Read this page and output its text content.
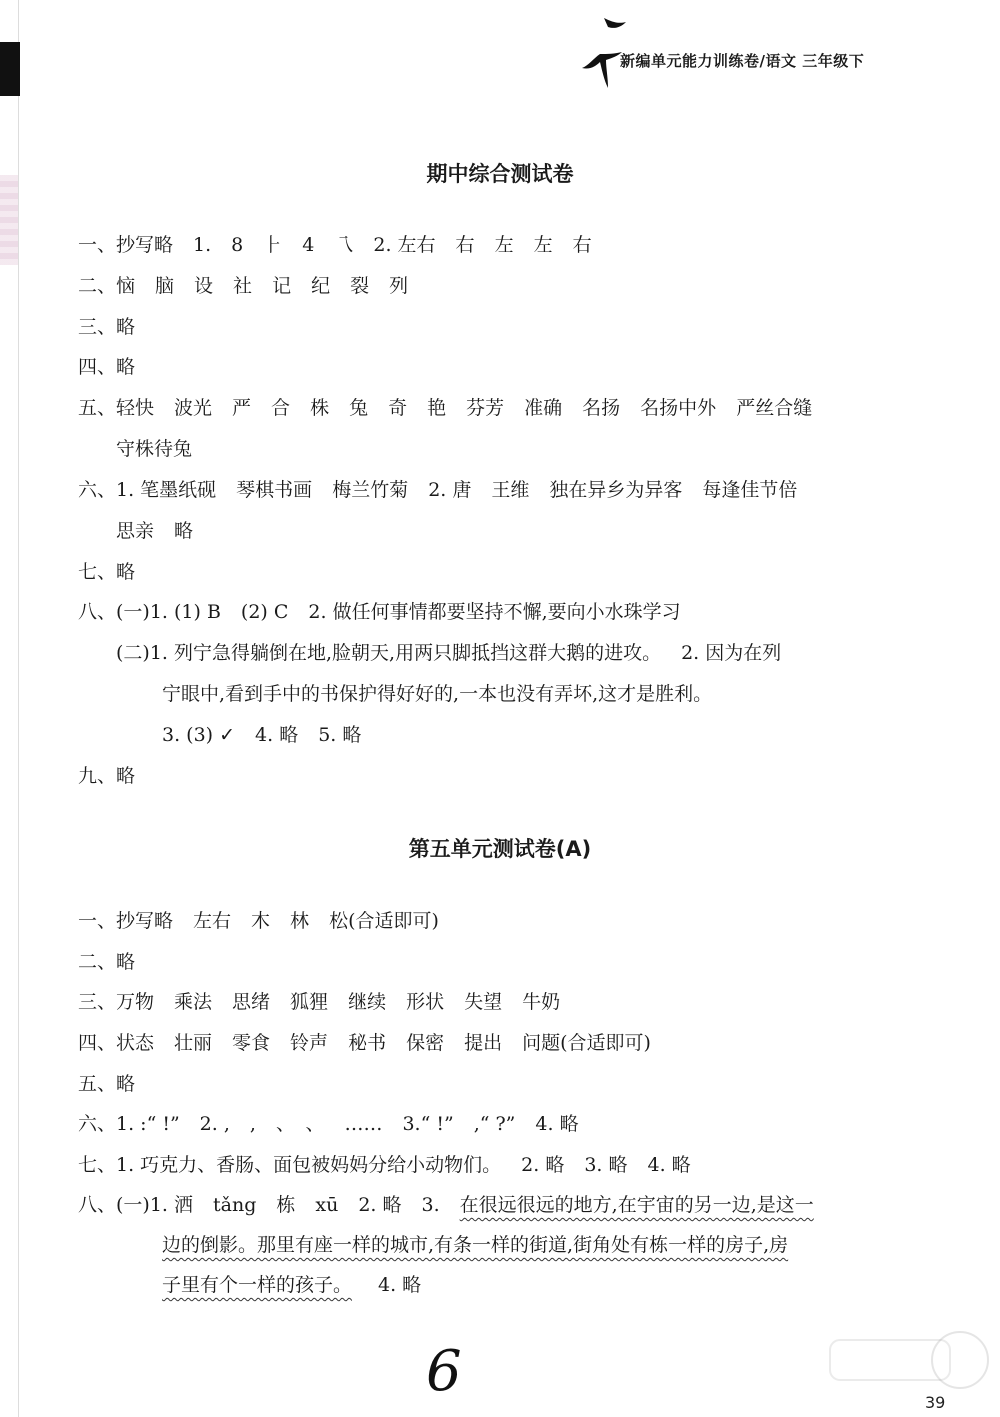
新编单元能力训练卷/语文 三年级下
期中综合测试卷
一、抄写略 1. 8 ⺊ 4 乁 2. 左右 右 左 左 右
二、恼 脑 设 社 记 纪 裂 列
三、略
四、略
五、轻快 波光 严 合 株 兔 奇 艳 芬芳 准确 名扬 名扬中外 严丝合缝
守株待兔
六、1. 笔墨纸砚 琴棋书画 梅兰竹菊 2. 唐 王维 独在异乡为异客 每逢佳节倍
思亲 略
七、略
八、(一)1. (1) B (2) C 2. 做任何事情都要坚持不懈,要向小水珠学习
(二)1. 列宁急得躺倒在地,脸朝天,用两只脚抵挡这群大鹅的进攻。 2. 因为在列
宁眼中,看到手中的书保护得好好的,一本也没有弄坏,这才是胜利。
3. (3) ✓ 4. 略 5. 略
九、略
第五单元测试卷(A)
一、抄写略 左右 木 林 松(合适即可)
二、略
三、万物 乘法 思绪 狐狸 继续 形状 失望 牛奶
四、状态 壮丽 零食 铃声 秘书 保密 提出 问题(合适即可)
五、略
六、1. :“ !” 2. , , 、 、 …… 3.“ !” ,“ ?” 4. 略
七、1. 巧克力、香肠、面包被妈妈分给小动物们。 2. 略 3. 略 4. 略
八、(一)1. 洒 tǎng 栋 xū 2. 略 3. 在很远很远的地方,在宇宙的另一边,是这一
边的倒影。那里有座一样的城市,有条一样的街道,街角处有栋一样的房子,房
子里有个一样的孩子。 4. 略
6	39
